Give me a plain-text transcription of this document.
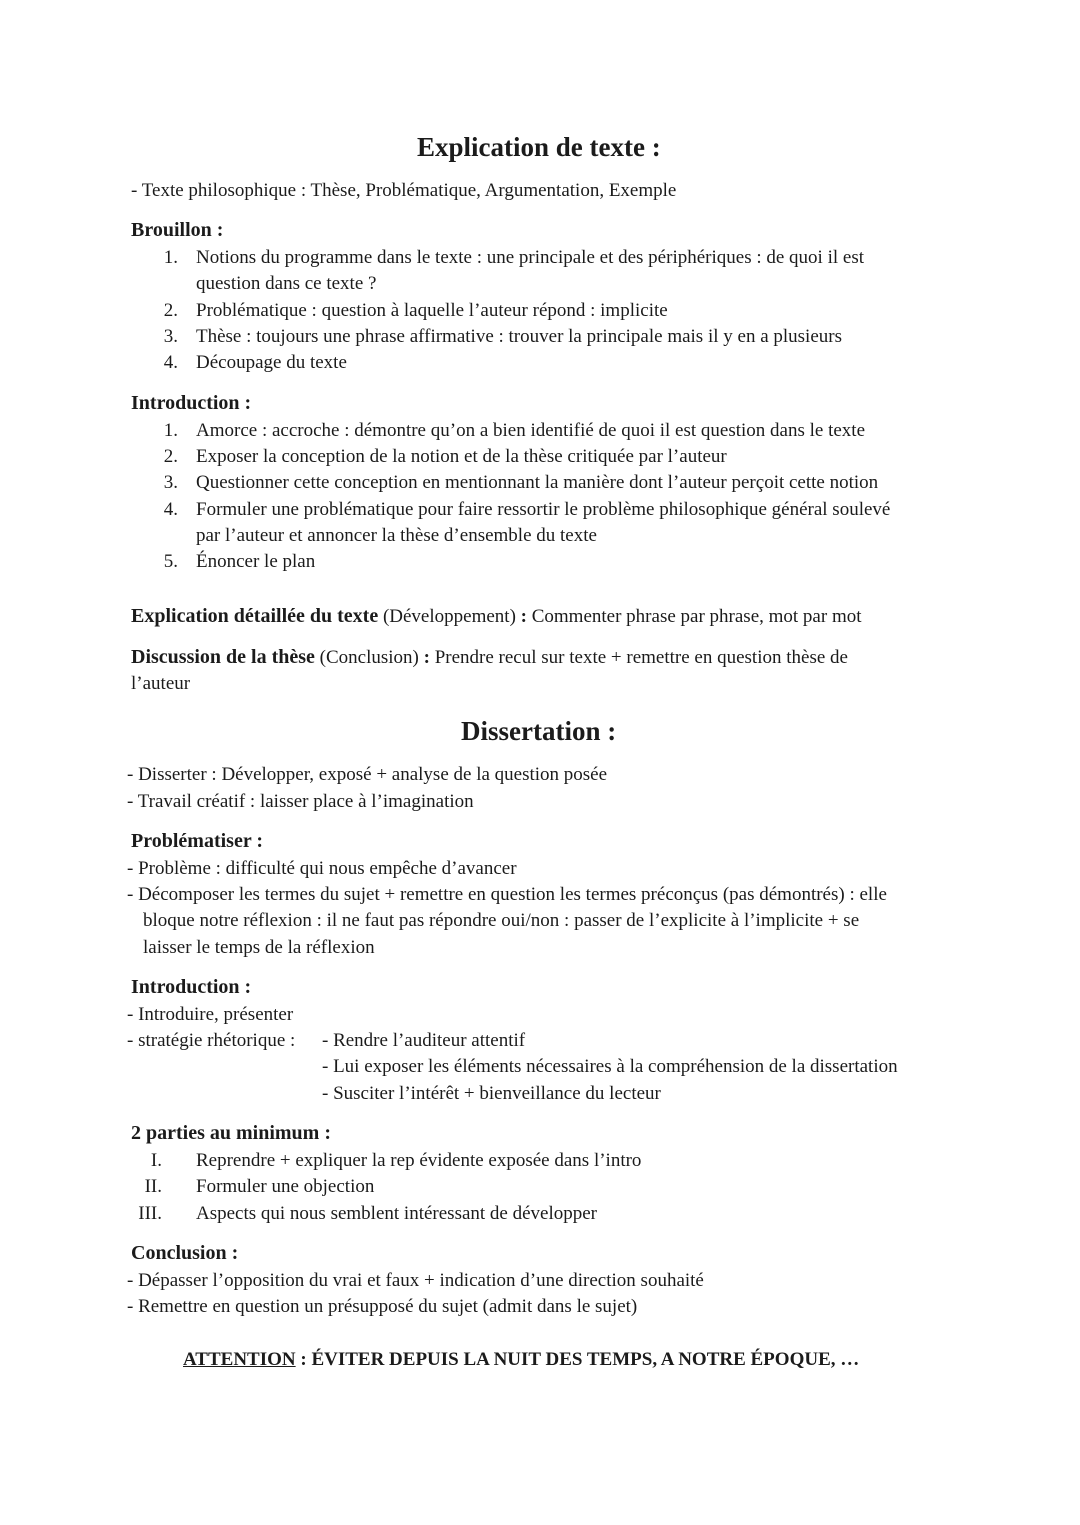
Explication de texte :
- Texte philosophique : Thèse, Problématique, Argumentation, Exemple
Brouillon :
1. Notions du programme dans le texte : une principale et des périphériques : de quoi il est
question dans ce texte ?
2. Problématique : question à laquelle l’auteur répond : implicite
3. Thèse : toujours une phrase affirmative : trouver la principale mais il y en a plusieurs
4. Découpage du texte
Introduction :
1. Amorce : accroche : démontre qu’on a bien identifié de quoi il est question dans le texte
2. Exposer la conception de la notion et de la thèse critiquée par l’auteur
3. Questionner cette conception en mentionnant la manière dont l’auteur perçoit cette notion
4. Formuler une problématique pour faire ressortir le problème philosophique général soulevé
par l’auteur et annoncer la thèse d’ensemble du texte
5. Énoncer le plan
Explication détaillée du texte (Développement) : Commenter phrase par phrase, mot par mot
Discussion de la thèse (Conclusion) : Prendre recul sur texte + remettre en question thèse de
l’auteur
Dissertation :
- Disserter : Développer, exposé + analyse de la question posée
- Travail créatif : laisser place à l’imagination
Problématiser :
- Problème : difficulté qui nous empêche d’avancer
- Décomposer les termes du sujet + remettre en question les termes préconçus (pas démontrés) : elle
bloque notre réflexion : il ne faut pas répondre oui/non : passer de l’explicite à l’implicite + se
laisser le temps de la réflexion
Introduction :
- Introduire, présenter
- stratégie rhétorique : - Rendre l’auditeur attentif
- Lui exposer les éléments nécessaires à la compréhension de la dissertation
- Susciter l’intérêt + bienveillance du lecteur
2 parties au minimum :
I. Reprendre + expliquer la rep évidente exposée dans l’intro
II. Formuler une objection
III. Aspects qui nous semblent intéressant de développer
Conclusion :
- Dépasser l’opposition du vrai et faux + indication d’une direction souhaité
- Remettre en question un présupposé du sujet (admit dans le sujet)
ATTENTION : ÉVITER DEPUIS LA NUIT DES TEMPS, A NOTRE ÉPOQUE, …
